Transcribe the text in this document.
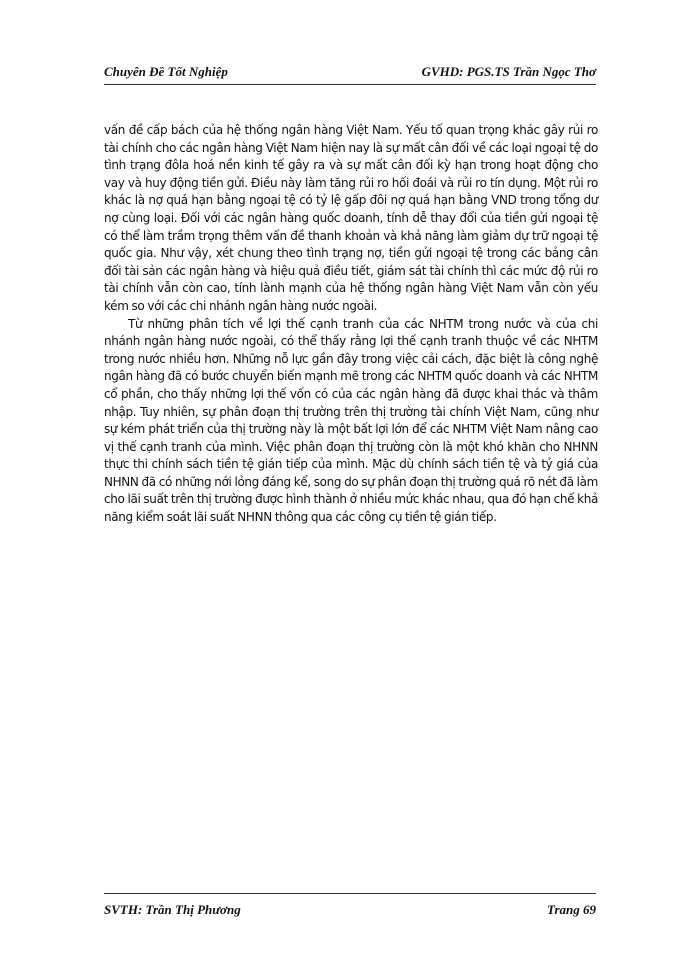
Chuyên Đề Tốt Nghiệp	GVHD: PGS.TS Trần Ngọc Thơ

vấn đề cấp bách của hệ thống ngân hàng Việt Nam. Yếu tố quan trọng khác gây rủi ro tài chính cho các ngân hàng Việt Nam hiện nay là sự mất cân đối về các loại ngoại tệ do tình trạng đôla hoá nền kinh tế gây ra và sự mất cân đối kỳ hạn trong hoạt động cho vay và huy động tiền gửi. Điều này làm tăng rủi ro hối đoái và rủi ro tín dụng. Một rủi ro khác là nợ quá hạn bằng ngoại tệ có tỷ lệ gấp đôi nợ quá hạn bằng VND trong tổng dư nợ cùng loại. Đối với các ngân hàng quốc doanh, tính dễ thay đổi của tiền gửi ngoại tệ có thể làm trầm trọng thêm vấn đề thanh khoản và khả năng làm giảm dự trữ ngoại tệ quốc gia. Như vậy, xét chung theo tình trạng nợ, tiền gửi ngoại tệ trong các bảng cân đối tài sản các ngân hàng và hiệu quả điều tiết, giám sát tài chính thì các mức độ rủi ro tài chính vẫn còn cao, tính lành mạnh của hệ thống ngân hàng Việt Nam vẫn còn yếu kém so với các chi nhánh ngân hàng nước ngoài.

Từ những phân tích về lợi thế cạnh tranh của các NHTM trong nước và của chi nhánh ngân hàng nước ngoài, có thể thấy rằng lợi thế cạnh tranh thuộc về các NHTM trong nước nhiều hơn. Những nỗ lực gần đây trong việc cải cách, đặc biệt là công nghệ ngân hàng đã có bước chuyển biến mạnh mẽ trong các NHTM quốc doanh và các NHTM cổ phần, cho thấy những lợi thế vốn có của các ngân hàng đã được khai thác và thâm nhập. Tuy nhiên, sự phân đoạn thị trường trên thị trường tài chính Việt Nam, cũng như sự kém phát triển của thị trường này là một bất lợi lớn để các NHTM Việt Nam nâng cao vị thế cạnh tranh của mình. Việc phân đoạn thị trường còn là một khó khăn cho NHNN thực thi chính sách tiền tệ gián tiếp của mình. Mặc dù chính sách tiền tệ và tỷ giá của NHNN đã có những nới lỏng đáng kể, song do sự phân đoạn thị trường quá rõ nét đã làm cho lãi suất trên thị trường được hình thành ở nhiều mức khác nhau, qua đó hạn chế khả năng kiểm soát lãi suất NHNN thông qua các công cụ tiền tệ gián tiếp.

SVTH: Trần Thị Phương	Trang 69
